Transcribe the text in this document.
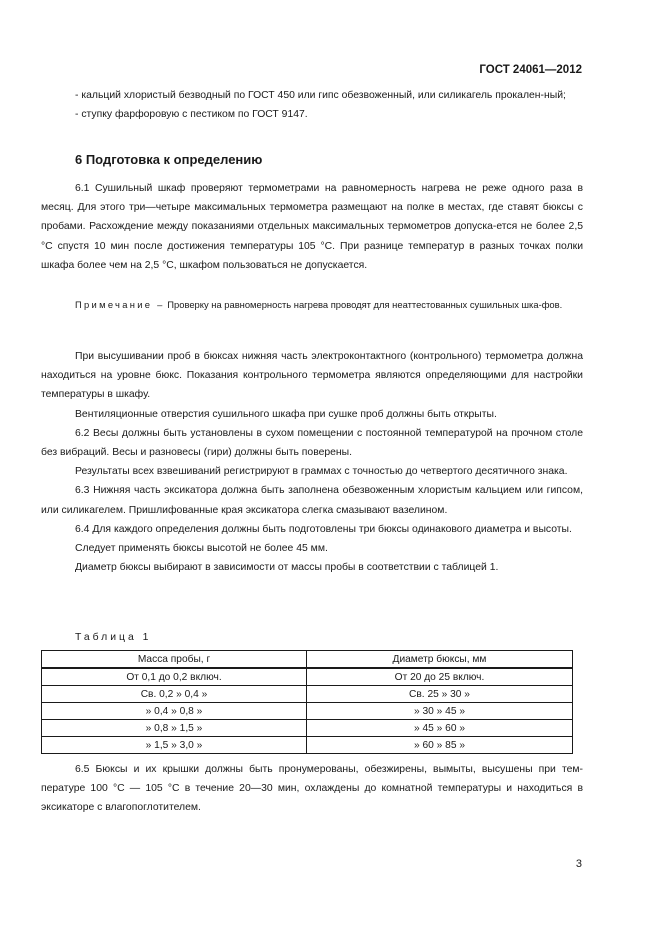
ГОСТ 24061—2012

- кальций хлористый безводный по ГОСТ 450 или гипс обезвоженный, или силикагель прокален-ный;

- ступку фарфоровую с пестиком по ГОСТ 9147.

6 Подготовка к определению

6.1 Сушильный шкаф проверяют термометрами на равномерность нагрева не реже одного раза в месяц. Для этого три—четыре максимальных термометра размещают на полке в местах, где ставят бюксы с пробами. Расхождение между показаниями отдельных максимальных термометров допуска-ется не более 2,5 °С спустя 10 мин после достижения температуры 105 °С. При разнице температур в разных точках полки шкафа более чем на 2,5 °С, шкафом пользоваться не допускается.

Примечание – Проверку на равномерность нагрева проводят для неаттестованных сушильных шка-фов.

При высушивании проб в бюксах нижняя часть электроконтактного (контрольного) термометра должна находиться на уровне бюкс. Показания контрольного термометра являются определяющими для настройки температуры в шкафу.

Вентиляционные отверстия сушильного шкафа при сушке проб должны быть открыты.

6.2 Весы должны быть установлены в сухом помещении с постоянной температурой на прочном столе без вибраций. Весы и разновесы (гири) должны быть поверены.

Результаты всех взвешиваний регистрируют в граммах с точностью до четвертого десятичного знака.

6.3 Нижняя часть эксикатора должна быть заполнена обезвоженным хлористым кальцием или гипсом, или силикагелем. Пришлифованные края эксикатора слегка смазывают вазелином.

6.4 Для каждого определения должны быть подготовлены три бюксы одинакового диаметра и высоты.

Следует применять бюксы высотой не более 45 мм.

Диаметр бюксы выбирают в зависимости от массы пробы в соответствии с таблицей 1.

Таблица 1
Масса пробы, г	Диаметр бюксы, мм
От 0,1 до 0,2 включ.	От 20 до 25 включ.
Св. 0,2 » 0,4 »	Св. 25 » 30 »
» 0,4 » 0,8 »	» 30 » 45 »
» 0,8 » 1,5 »	» 45 » 60 »
» 1,5 » 3,0 »	» 60 » 85 »

6.5 Бюксы и их крышки должны быть пронумерованы, обезжирены, вымыты, высушены при тем-пературе 100 °С — 105 °С в течение 20—30 мин, охлаждены до комнатной температуры и находиться в эксикаторе с влагопоглотителем.

3
